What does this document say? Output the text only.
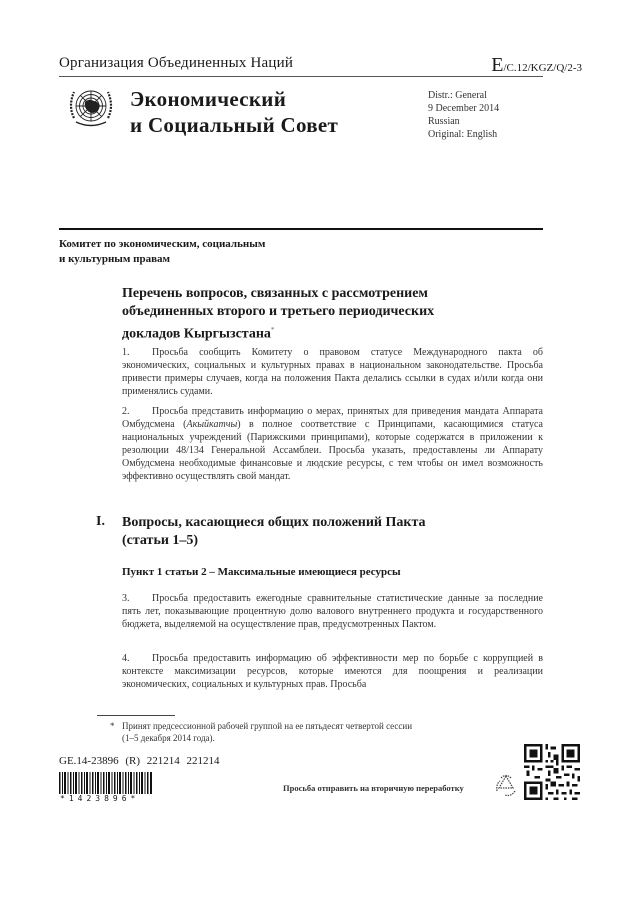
Организация Объединенных Наций	E/C.12/KGZ/Q/2-3
Экономический
и Социальный Совет
Distr.: General
9 December 2014
Russian
Original: English
Комитет по экономическим, социальным
и культурным правам
Перечень вопросов, связанных с рассмотрением
объединенных второго и третьего периодических
докладов Кыргызстана*
1. Просьба сообщить Комитету о правовом статусе Международного пакта об экономических, социальных и культурных правах в национальном законодательстве. Просьба привести примеры случаев, когда на положения Пакта делались ссылки в судах и/или когда они применялись судами.
2. Просьба представить информацию о мерах, принятых для приведения мандата Аппарата Омбудсмена (Акыйкатчы) в полное соответствие с Принципами, касающимися статуса национальных учреждений (Парижскими принципами), которые содержатся в приложении к резолюции 48/134 Генеральной Ассамблеи. Просьба указать, предоставлены ли Аппарату Омбудсмена необходимые финансовые и людские ресурсы, с тем чтобы он имел возможность эффективно осуществлять свой мандат.
I. Вопросы, касающиеся общих положений Пакта
(статьи 1–5)
Пункт 1 статьи 2 – Максимальные имеющиеся ресурсы
3. Просьба предоставить ежегодные сравнительные статистические данные за последние пять лет, показывающие процентную долю валового внутреннего продукта и государственного бюджета, выделяемой на осуществление прав, предусмотренных Пактом.
4. Просьба предоставить информацию об эффективности мер по борьбе с коррупцией в контексте максимизации ресурсов, которые имеются для поощрения и реализации экономических, социальных и культурных прав. Просьба
* Принят предсессионной рабочей группой на ее пятьдесят четвертой сессии
(1–5 декабря 2014 года).
GE.14-23896 (R) 221214 221214
*1423896*
Просьба отправить на вторичную переработку
